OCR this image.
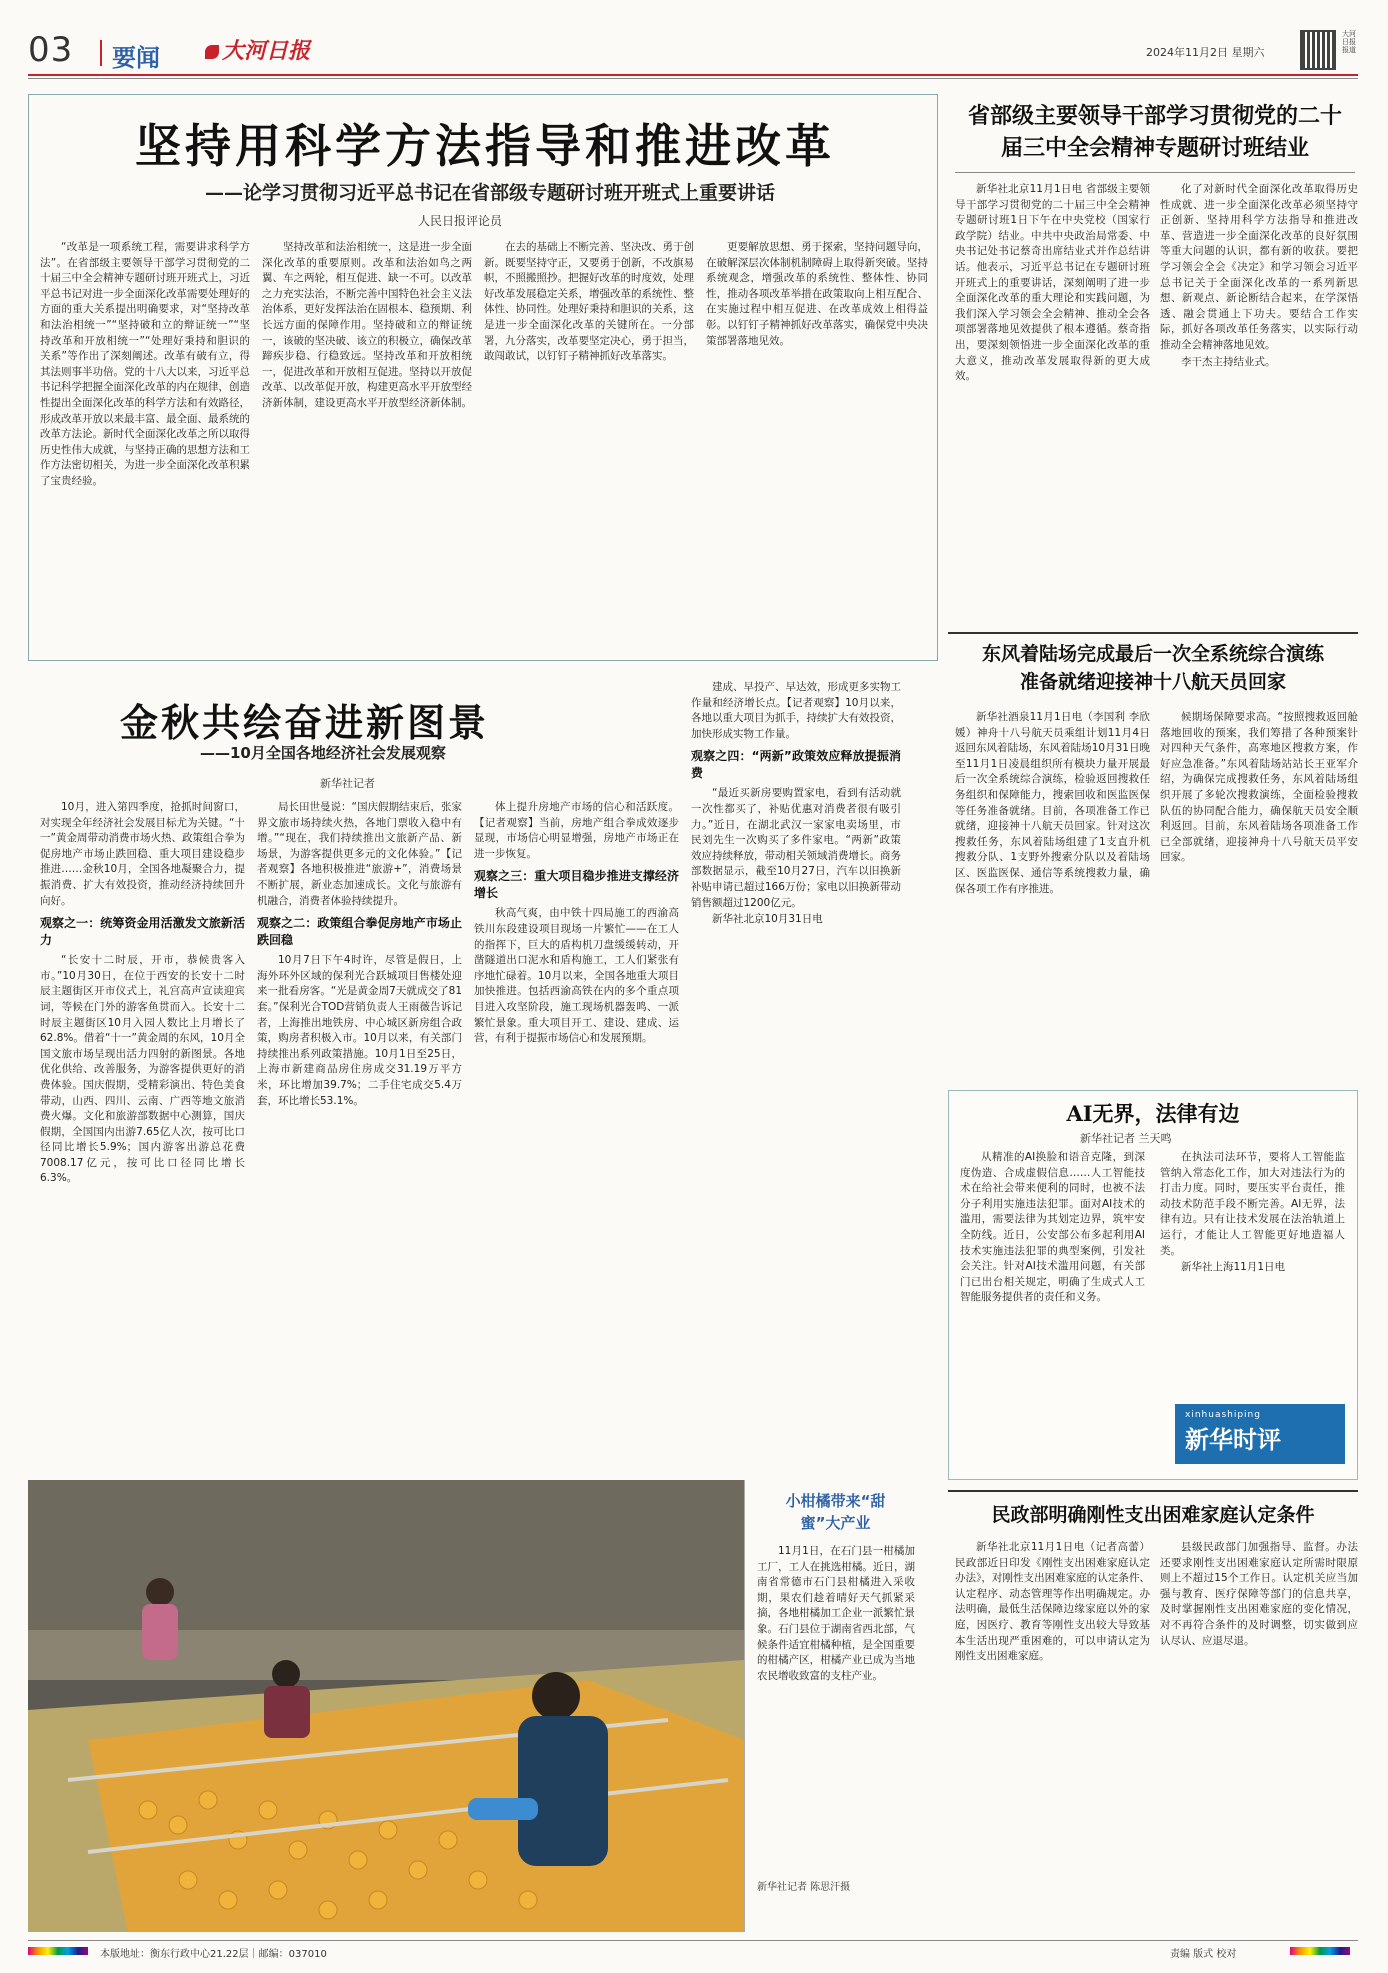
03 要闻	大河日报	2024年11月2日 星期六
大河日报 报道
坚持用科学方法指导和推进改革
——论学习贯彻习近平总书记在省部级专题研讨班开班式上重要讲话
人民日报评论员

“改革是一项系统工程，需要讲求科学方法”。在省部级主要领导干部学习贯彻党的二十届三中全会精神专题研讨班开班式上，习近平总书记对进一步全面深化改革需要处理好的方面的重大关系提出明确要求，对“坚持改革和法治相统一”“坚持破和立的辩证统一”“坚持改革和开放相统一”“处理好秉持和胆识的关系”等作出了深刻阐述。改革有破有立，得其法则事半功倍。党的十八大以来，习近平总书记科学把握全面深化改革的内在规律，创造性提出全面深化改革的科学方法和有效路径，形成改革开放以来最丰富、最全面、最系统的改革方法论。新时代全面深化改革之所以取得历史性伟大成就，与坚持正确的思想方法和工作方法密切相关，为进一步全面深化改革积累了宝贵经验。

坚持改革和法治相统一，这是进一步全面深化改革的重要原则。改革和法治如鸟之两翼、车之两轮，相互促进、缺一不可。以改革之力充实法治，不断完善中国特色社会主义法治体系，更好发挥法治在固根本、稳预期、利长远方面的保障作用。坚持破和立的辩证统一，该破的坚决破、该立的积极立，确保改革蹄疾步稳、行稳致远。坚持改革和开放相统一，促进改革和开放相互促进。坚持以开放促改革、以改革促开放，构建更高水平开放型经济新体制，建设更高水平开放型经济新体制。

在去的基础上不断完善、坚决改、勇于创新。既要坚持守正，又要勇于创新，不改旗易帜，不照搬照抄。把握好改革的时度效，处理好改革发展稳定关系，增强改革的系统性、整体性、协同性。处理好秉持和胆识的关系，这是进一步全面深化改革的关键所在。一分部署，九分落实，改革要坚定决心，勇于担当，敢闯敢试，以钉钉子精神抓好改革落实。

更要解放思想、勇于探索，坚持问题导向，在破解深层次体制机制障碍上取得新突破。坚持系统观念，增强改革的系统性、整体性、协同性，推动各项改革举措在政策取向上相互配合、在实施过程中相互促进、在改革成效上相得益彰。以钉钉子精神抓好改革落实，确保党中央决策部署落地见效。

省部级主要领导干部学习贯彻党的二十届三中全会精神专题研讨班结业

新华社北京11月1日电 省部级主要领导干部学习贯彻党的二十届三中全会精神专题研讨班1日下午在中央党校（国家行政学院）结业。中共中央政治局常委、中央书记处书记蔡奇出席结业式并作总结讲话。他表示，习近平总书记在专题研讨班开班式上的重要讲话，深刻阐明了进一步全面深化改革的重大理论和实践问题，为我们深入学习领会全会精神、推动全会各项部署落地见效提供了根本遵循。蔡奇指出，要深刻领悟进一步全面深化改革的重大意义，推动改革发展取得新的更大成效。

化了对新时代全面深化改革取得历史性成就、进一步全面深化改革必须坚持守正创新、坚持用科学方法指导和推进改革、营造进一步全面深化改革的良好氛围等重大问题的认识，都有新的收获。要把学习领会全会《决定》和学习领会习近平总书记关于全面深化改革的一系列新思想、新观点、新论断结合起来，在学深悟透、融会贯通上下功夫。要结合工作实际，抓好各项改革任务落实，以实际行动推动全会精神落地见效。

李干杰主持结业式。

东风着陆场完成最后一次全系统综合演练准备就绪迎接神十八航天员回家

新华社酒泉11月1日电（李国利 李欣媛）神舟十八号航天员乘组计划11月4日返回东风着陆场，东风着陆场10月31日晚至11月1日凌晨组织所有模块力量开展最后一次全系统综合演练，检验返回搜救任务组织和保障能力，搜索回收和医监医保等任务准备就绪。目前，各项准备工作已就绪，迎接神十八航天员回家。针对这次搜救任务，东风着陆场组建了1支直升机搜救分队、1支野外搜索分队以及着陆场区、医监医保、通信等系统搜救力量，确保各项工作有序推进。

候期场保障要求高。“按照搜救返回舱落地回收的预案，我们筹措了各种预案针对四种天气条件，高寒地区搜救方案，作好应急准备。”东风着陆场站站长王亚军介绍，为确保完成搜救任务，东风着陆场组织开展了多轮次搜救演练，全面检验搜救队伍的协同配合能力，确保航天员安全顺利返回。目前，东风着陆场各项准备工作已全部就绪，迎接神舟十八号航天员平安回家。

金秋共绘奋进新图景
——10月全国各地经济社会发展观察
新华社记者

10月，进入第四季度，抢抓时间窗口，对实现全年经济社会发展目标尤为关键。“十一”黄金周带动消费市场火热、政策组合拳为促房地产市场止跌回稳、重大项目建设稳步推进……金秋10月，全国各地凝聚合力，提振消费、扩大有效投资，推动经济持续回升向好。

观察之一：统筹资金用活激发文旅新活力

“长安十二时辰，开市，恭候贵客入市。”10月30日，在位于西安的长安十二时辰主题街区开市仪式上，礼宫高声宣读迎宾词，等候在门外的游客鱼贯而入。长安十二时辰主题街区10月入园人数比上月增长了62.8%。借着“十一”黄金周的东风，10月全国文旅市场呈现出活力四射的新图景。各地优化供给、改善服务，为游客提供更好的消费体验。国庆假期，受精彩演出、特色美食带动，山西、四川、云南、广西等地文旅消费火爆。文化和旅游部数据中心测算，国庆假期，全国国内出游7.65亿人次，按可比口径同比增长5.9%；国内游客出游总花费7008.17亿元，按可比口径同比增长6.3%。

局长田世曼说：“国庆假期结束后，张家界文旅市场持续火热，各地门票收入稳中有增。”“现在，我们持续推出文旅新产品、新场景，为游客提供更多元的文化体验。”【记者观察】各地积极推进“旅游+”，消费场景不断扩展，新业态加速成长。文化与旅游有机融合，消费者体验持续提升。

观察之二：政策组合拳促房地产市场止跌回稳

10月7日下午4时许，尽管是假日，上海外环外区域的保利光合跃城项目售楼处迎来一批看房客。“光是黄金周7天就成交了81套。”保利光合TOD营销负责人王雨薇告诉记者，上海推出地铁房、中心城区新房组合政策，购房者积极入市。10月以来，有关部门持续推出系列政策措施。10月1日至25日，上海市新建商品房住房成交31.19万平方米，环比增加39.7%；二手住宅成交5.4万套，环比增长53.1%。

体上提升房地产市场的信心和活跃度。【记者观察】当前，房地产组合拳成效逐步显现，市场信心明显增强，房地产市场正在进一步恢复。

观察之三：重大项目稳步推进支撑经济增长

秋高气爽，由中铁十四局施工的西渝高铁川东段建设项目现场一片繁忙——在工人的指挥下，巨大的盾构机刀盘缓缓转动，开凿隧道出口泥水和盾构施工，工人们紧张有序地忙碌着。10月以来，全国各地重大项目加快推进。包括西渝高铁在内的多个重点项目进入攻坚阶段，施工现场机器轰鸣、一派繁忙景象。重大项目开工、建设、建成、运营，有利于提振市场信心和发展预期。

建成、早投产、早达效，形成更多实物工作量和经济增长点。【记者观察】10月以来，各地以重大项目为抓手，持续扩大有效投资，加快形成实物工作量。

观察之四：“两新”政策效应释放提振消费

“最近买新房要购置家电，看到有活动就一次性都买了，补贴优惠对消费者很有吸引力。”近日，在湖北武汉一家家电卖场里，市民刘先生一次购买了多件家电。“两新”政策效应持续释放，带动相关领域消费增长。商务部数据显示，截至10月27日，汽车以旧换新补贴申请已超过166万份；家电以旧换新带动销售额超过1200亿元。

新华社北京10月31日电

小柑橘带来“甜蜜”大产业

11月1日，在石门县一柑橘加工厂，工人在挑选柑橘。近日，湖南省常德市石门县柑橘进入采收期，果农们趁着晴好天气抓紧采摘，各地柑橘加工企业一派繁忙景象。石门县位于湖南省西北部，气候条件适宜柑橘种植，是全国重要的柑橘产区，柑橘产业已成为当地农民增收致富的支柱产业。

新华社记者 陈思汗摄
AI无界，法律有边
新华社记者 兰天鸣

从精准的AI换脸和语音克隆，到深度伪造、合成虚假信息……人工智能技术在给社会带来便利的同时，也被不法分子利用实施违法犯罪。面对AI技术的滥用，需要法律为其划定边界，筑牢安全防线。近日，公安部公布多起利用AI技术实施违法犯罪的典型案例，引发社会关注。针对AI技术滥用问题，有关部门已出台相关规定，明确了生成式人工智能服务提供者的责任和义务。

在执法司法环节，要将人工智能监管纳入常态化工作，加大对违法行为的打击力度。同时，要压实平台责任，推动技术防范手段不断完善。AI无界，法律有边。只有让技术发展在法治轨道上运行，才能让人工智能更好地造福人类。

新华社上海11月1日电

xinhuashiping
新华时评
民政部明确刚性支出困难家庭认定条件

新华社北京11月1日电（记者高蕾）民政部近日印发《刚性支出困难家庭认定办法》，对刚性支出困难家庭的认定条件、认定程序、动态管理等作出明确规定。办法明确，最低生活保障边缘家庭以外的家庭，因医疗、教育等刚性支出较大导致基本生活出现严重困难的，可以申请认定为刚性支出困难家庭。

县级民政部门加强指导、监督。办法还要求刚性支出困难家庭认定所需时限原则上不超过15个工作日。认定机关应当加强与教育、医疗保障等部门的信息共享，及时掌握刚性支出困难家庭的变化情况，对不再符合条件的及时调整，切实做到应认尽认、应退尽退。

本版地址：衡东行政中心21.22层｜邮编：037010	责编 版式 校对
